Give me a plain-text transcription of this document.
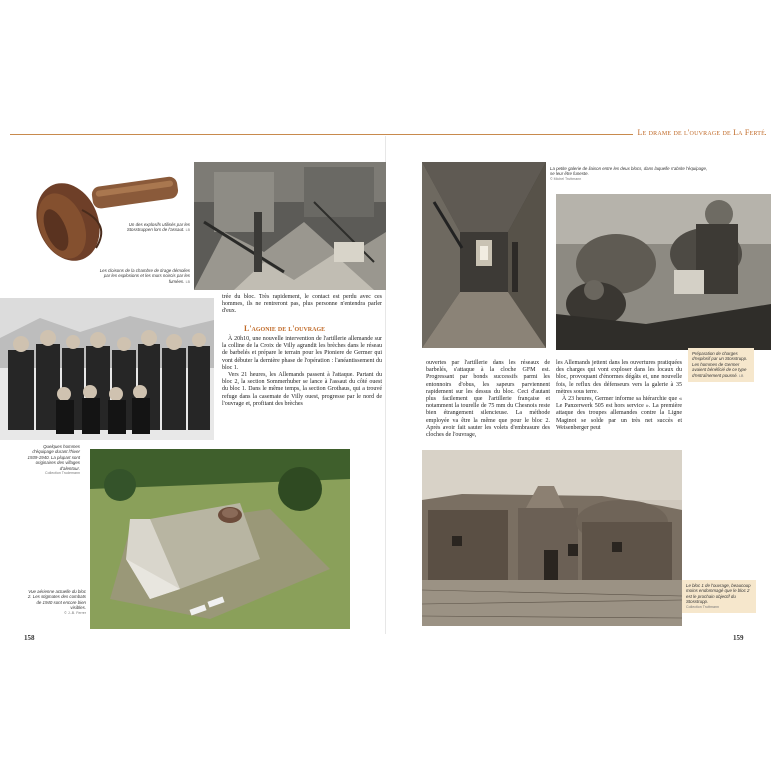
Le drame de l'ouvrage de La Ferté
Un des explosifs utilisés par les Stosstruppen lors de l'assaut. LB
Les cloisons de la chambre de tirage démolies par les explosions et les murs noircis par les fumées. LB
Quelques hommes d'équipage durant l'hiver 1939-1940. La plupart sont originaires des villages d'alentour.
Collection Trudemann

trée du bloc. Très rapidement, le contact est perdu avec ces hommes, ils ne rentreront pas, plus personne n'entendra parler d'eux.

L'agonie de l'ouvrage

À 20h10, une nouvelle intervention de l'artillerie allemande sur la colline de la Croix de Villy agrandit les brèches dans le réseau de barbelés et prépare le terrain pour les Pioniere de Germer qui vont débuter la dernière phase de l'opération : l'anéantissement du bloc 1.

Vers 21 heures, les Allemands passent à l'attaque. Partant du bloc 2, la section Sommerhuber se lance à l'assaut du côté ouest du bloc 1. Dans le même temps, la section Grothaus, qui a trouvé refuge dans la casemate de Villy ouest, progresse par le nord de l'ouvrage et, profitant des brèches

Vue aérienne actuelle du bloc 2. Les stigmates des combats de 1940 sont encore bien visibles.
© J.-B. Ferrer
158
La petite galerie de liaison entre les deux blocs, dans laquelle s'abrite l'équipage, se leur être funeste.
© Michel Truttmann
Préparation de charges d'explosif par un Stosstrupp. Les hommes de Germer avaient bénéficié de ce type d'entraînement poussé. LB

ouvertes par l'artillerie dans les réseaux de barbelés, s'attaque à la cloche GFM est. Progressant par bonds successifs parmi les entonnoirs d'obus, les sapeurs parviennent rapidement sur les dessus du bloc. Ceci d'autant plus facilement que l'artillerie française et notamment la tourelle de 75 mm du Chesnois reste bien étrangement silencieuse. La méthode employée va être la même que pour le bloc 2. Après avoir fait sauter les volets d'embrasure des cloches de l'ouvrage,

les Allemands jettent dans les ouvertures pratiquées des charges qui vont exploser dans les locaux du bloc, provoquant d'énormes dégâts et, une nouvelle fois, le reflux des défenseurs vers la galerie à 35 mètres sous terre.

À 23 heures, Germer informe sa hiérarchie que « Le Panzerwerk 505 est hors service ». La première attaque des troupes allemandes contre la Ligne Maginot se solde par un très net succès et Weisenberger peut

Le bloc 1 de l'ouvrage, beaucoup moins endommagé que le bloc 2 est le prochain objectif du Stosstrupp.
Collection Truttmann
159
